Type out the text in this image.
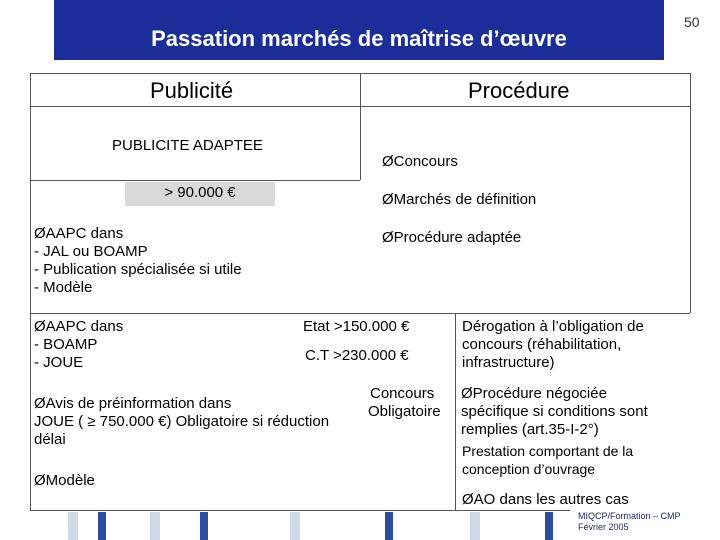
Passation marchés de maîtrise d’œuvre
50
Publicité	Procédure
PUBLICITE ADAPTEE
> 90.000 €
ØAAPC dans
- JAL ou BOAMP
- Publication spécialisée si utile
- Modèle
ØConcours
ØMarchés de définition
ØProcédure adaptée
ØAAPC dans
- BOAMP
- JOUE
Etat >150.000 €
C.T >230.000 €
ØAvis de préinformation dans
JOUE ( ≥ 750.000 €) Obligatoire si réduction
délai
ØModèle
Concours
Obligatoire
Dérogation à l’obligation de
concours (réhabilitation,
infrastructure)
ØProcédure négociée
spécifique si conditions sont
remplies (art.35-I-2°)
Prestation comportant de la
conception d’ouvrage
ØAO dans les autres cas
MIQCP/Formation – CMP
Février 2005
